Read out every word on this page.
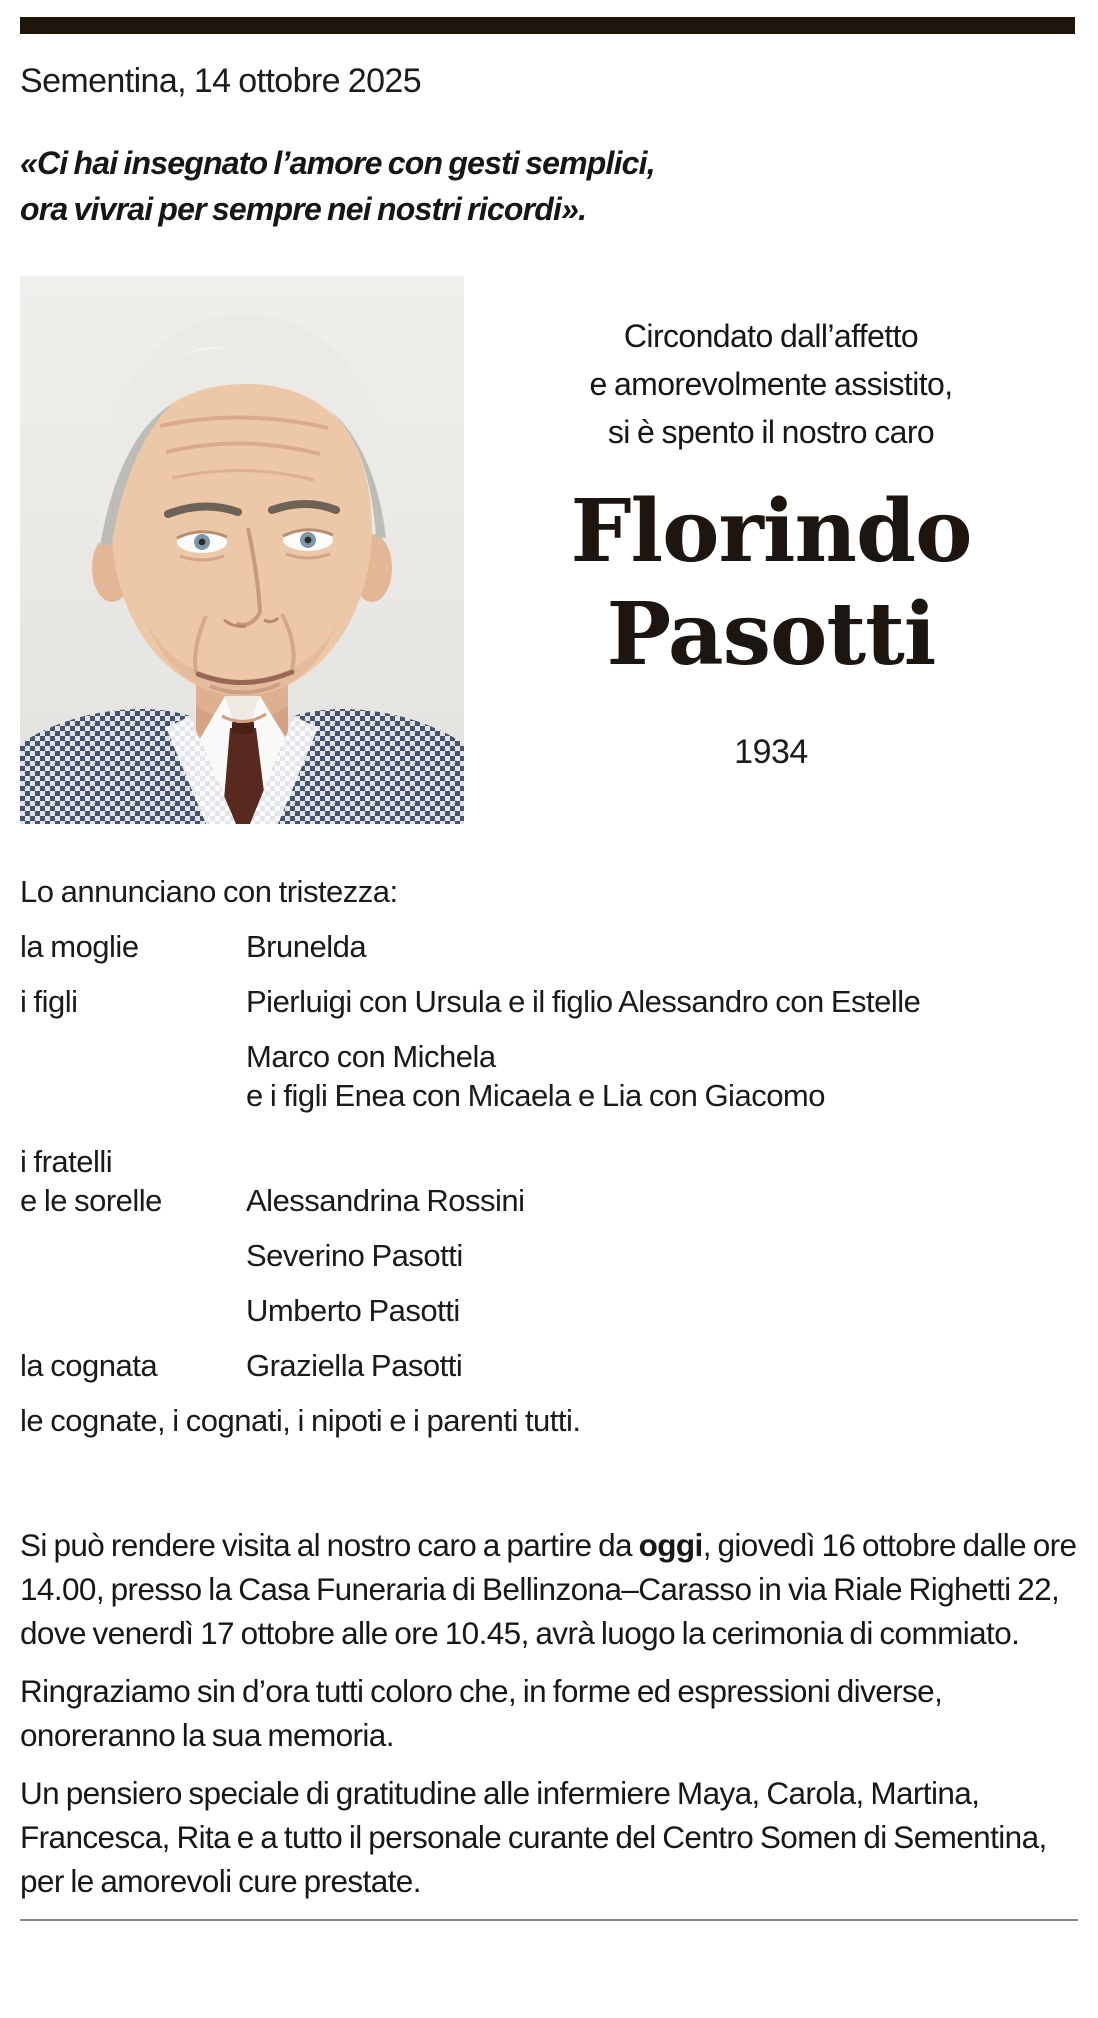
Sementina, 14 ottobre 2025
«Ci hai insegnato l’amore con gesti semplici,
ora vivrai per sempre nei nostri ricordi».
Circondato dall’affetto
e amorevolmente assistito,
si è spento il nostro caro
Florindo
Pasotti
1934
Lo annunciano con tristezza:
la moglie	Brunelda
i figli	Pierluigi con Ursula e il figlio Alessandro con Estelle
Marco con Michela
e i figli Enea con Micaela e Lia con Giacomo
i fratelli
e le sorelle	Alessandrina Rossini
Severino Pasotti
Umberto Pasotti
la cognata	Graziella Pasotti
le cognate, i cognati, i nipoti e i parenti tutti.
Si può rendere visita al nostro caro a partire da oggi, giovedì 16 ottobre dalle ore 14.00, presso la Casa Funeraria di Bellinzona–Carasso in via Riale Righetti 22, dove venerdì 17 ottobre alle ore 10.45, avrà luogo la cerimonia di commiato.
Ringraziamo sin d’ora tutti coloro che, in forme ed espressioni diverse, onoreranno la sua memoria.
Un pensiero speciale di gratitudine alle infermiere Maya, Carola, Martina, Francesca, Rita e a tutto il personale curante del Centro Somen di Sementina, per le amorevoli cure prestate.
